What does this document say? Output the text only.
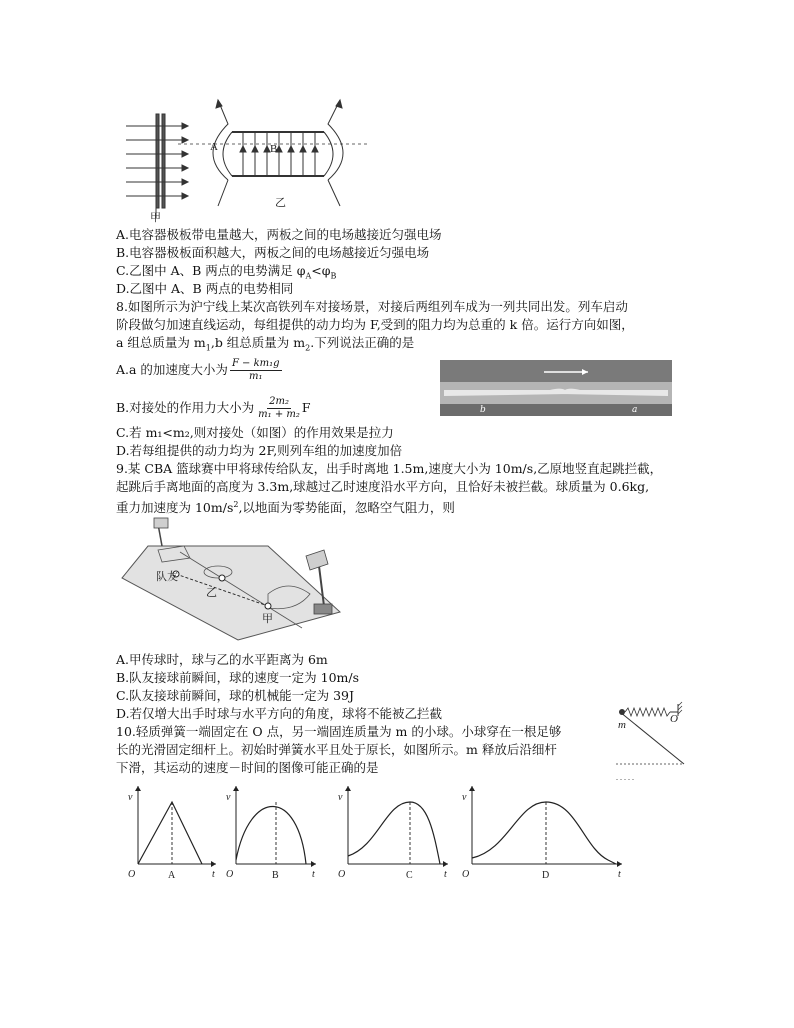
甲
A	B
乙
A.电容器极板带电量越大，两板之间的电场越接近匀强电场
B.电容器极板面积越大，两板之间的电场越接近匀强电场
C.乙图中 A、B 两点的电势满足 $\varphi_A<\varphi_B$
D.乙图中 A、B 两点的电势相同
8.如图所示为沪宁线上某次高铁列车对接场景，对接后两组列车成为一列共同出发。列车启动
阶段做匀加速直线运动，每组提供的动力均为 F,受到的阻力均为总重的 k 倍。运行方向如图，
a 组总质量为 $m_1,b$ 组总质量为 $m_2$.下列说法正确的是
A.a 的加速度大小为 $\frac{\text{F − km₁g}}{\text{m₁}}$
B.对接处的作用力大小为 $\frac{\text{2m₂}}{\text{m₁ + m₂}}$ F
C.若 m₁<m₂,则对接处（如图）的作用效果是拉力
D.若每组提供的动力均为 2F,则列车组的加速度加倍
b	a
9.某 CBA 篮球赛中甲将球传给队友，出手时离地 1.5m,速度大小为 10m/s,乙原地竖直起跳拦截，
起跳后手离地面的高度为 3.3m,球越过乙时速度沿水平方向，且恰好未被拦截。球质量为 0.6kg,
重力加速度为 $10m/s^2$,以地面为零势能面，忽略空气阻力，则
队友
乙
甲
A.甲传球时，球与乙的水平距离为 6m
B.队友接球前瞬间，球的速度一定为 10m/s
C.队友接球前瞬间，球的机械能一定为 39J
D.若仅增大出手时球与水平方向的角度，球将不能被乙拦截
10.轻质弹簧一端固定在 O 点，另一端固连质量为 m 的小球。小球穿在一根足够
长的光滑固定细杆上。初始时弹簧水平且处于原长，如图所示。m 释放后沿细杆
下滑，其运动的速度－时间的图像可能正确的是
m	O
v
O	t
A
v
O	t
B
v
O	t
C
v
O	t
D
